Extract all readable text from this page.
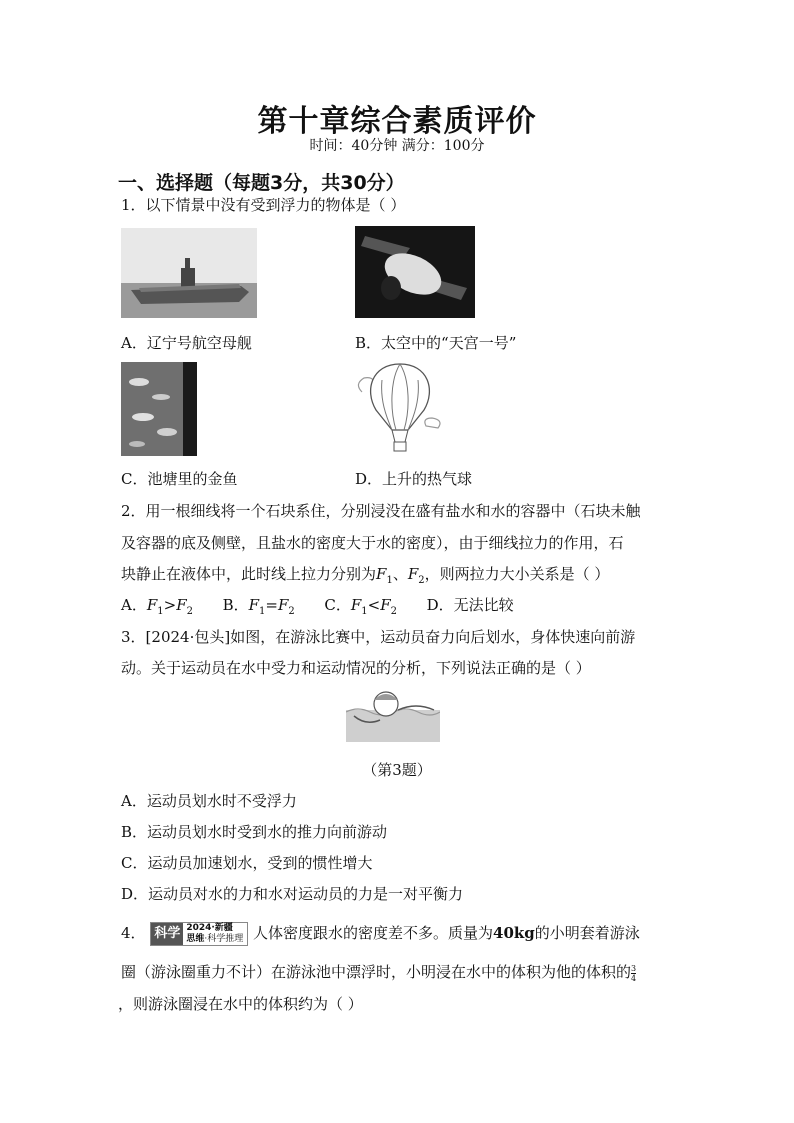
第十章综合素质评价
时间：40分钟 满分：100分
一、选择题（每题3分，共30分）
1．以下情景中没有受到浮力的物体是（ ）
A．辽宁号航空母舰	B．太空中的“天宫一号”
C．池塘里的金鱼	D．上升的热气球
2．用一根细线将一个石块系住，分别浸没在盛有盐水和水的容器中（石块未触
及容器的底及侧壁，且盐水的密度大于水的密度），由于细线拉力的作用，石
块静止在液体中，此时线上拉力分别为$F_1$、$F_2$，则两拉力大小关系是（ ）
A．$F_1>F_2$ B．$F_1=F_2$ C．$F_1<F_2$ D．无法比较
3．[2024·包头]如图，在游泳比赛中，运动员奋力向后划水，身体快速向前游
动。关于运动员在水中受力和运动情况的分析，下列说法正确的是（ ）
（第3题）
A．运动员划水时不受浮力
B．运动员划水时受到水的推力向前游动
C．运动员加速划水，受到的惯性增大
D．运动员对水的力和水对运动员的力是一对平衡力
4． 科学 2024·新疆
思维·科学推理 人体密度跟水的密度差不多。质量为40kg的小明套着游泳
圈（游泳圈重力不计）在游泳池中漂浮时，小明浸在水中的体积为他的体积的 $\frac{3}{4}$
，则游泳圈浸在水中的体积约为（ ）
